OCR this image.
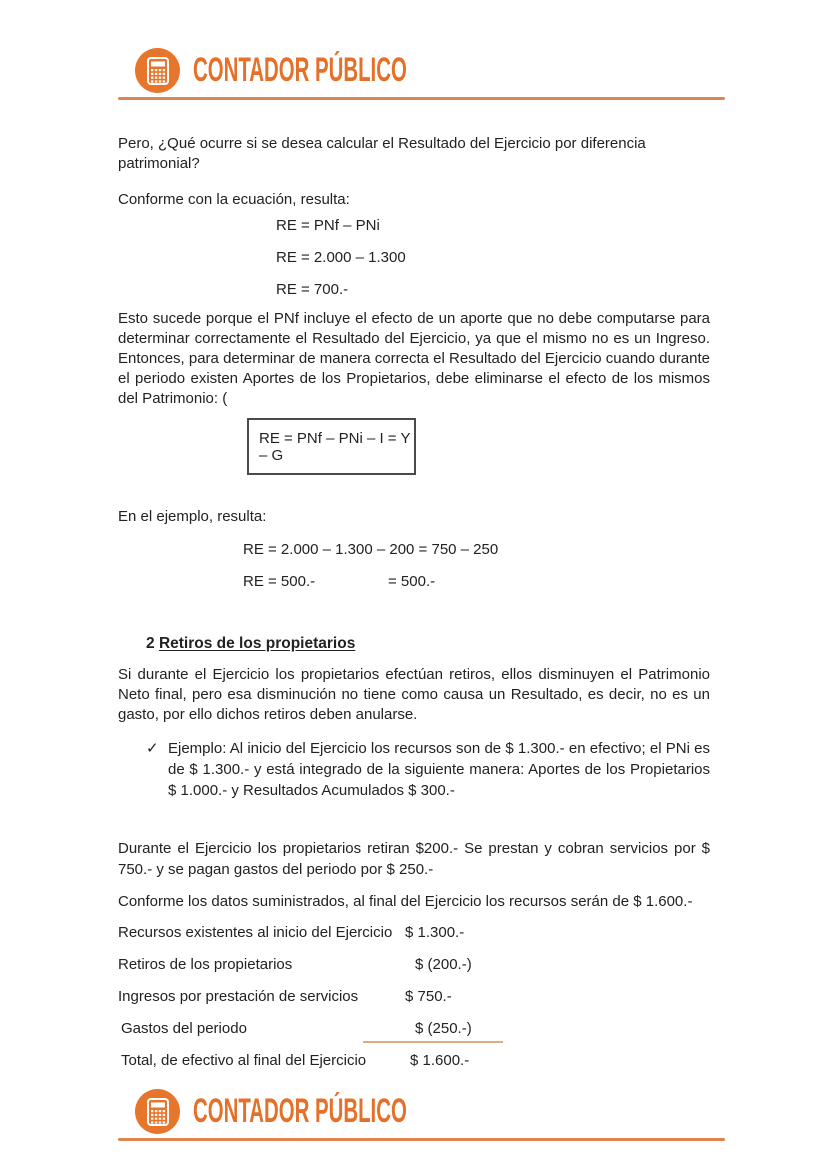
CONTADOR PÚBLICO

Pero, ¿Qué ocurre si se desea calcular el Resultado del Ejercicio por diferencia patrimonial?

Conforme con la ecuación, resulta:

RE = PNf – PNi

RE = 2.000 – 1.300

RE = 700.-

Esto sucede porque el PNf incluye el efecto de un aporte que no debe computarse para determinar correctamente el Resultado del Ejercicio, ya que el mismo no es un Ingreso. Entonces, para determinar de manera correcta el Resultado del Ejercicio cuando durante el periodo existen Aportes de los Propietarios, debe eliminarse el efecto de los mismos del Patrimonio: (

RE = PNf – PNi – I = Y – G

En el ejemplo, resulta:

RE = 2.000 – 1.300 – 200 = 750 – 250

RE = 500.-	= 500.-

2 Retiros de los propietarios

Si durante el Ejercicio los propietarios efectúan retiros, ellos disminuyen el Patrimonio Neto final, pero esa disminución no tiene como causa un Resultado, es decir, no es un gasto, por ello dichos retiros deben anularse.

✓ Ejemplo: Al inicio del Ejercicio los recursos son de $ 1.300.- en efectivo; el PNi es de $ 1.300.- y está integrado de la siguiente manera: Aportes de los Propietarios $ 1.000.- y Resultados Acumulados $ 300.-

Durante el Ejercicio los propietarios retiran $200.- Se prestan y cobran servicios por $ 750.- y se pagan gastos del periodo por $ 250.-

Conforme los datos suministrados, al final del Ejercicio los recursos serán de $ 1.600.-

Recursos existentes al inicio del Ejercicio $ 1.300.-
Retiros de los propietarios	$ (200.-)
Ingresos por prestación de servicios	$ 750.-
Gastos del periodo	$ (250.-)
Total, de efectivo al final del Ejercicio	$ 1.600.-
CONTADOR PÚBLICO
